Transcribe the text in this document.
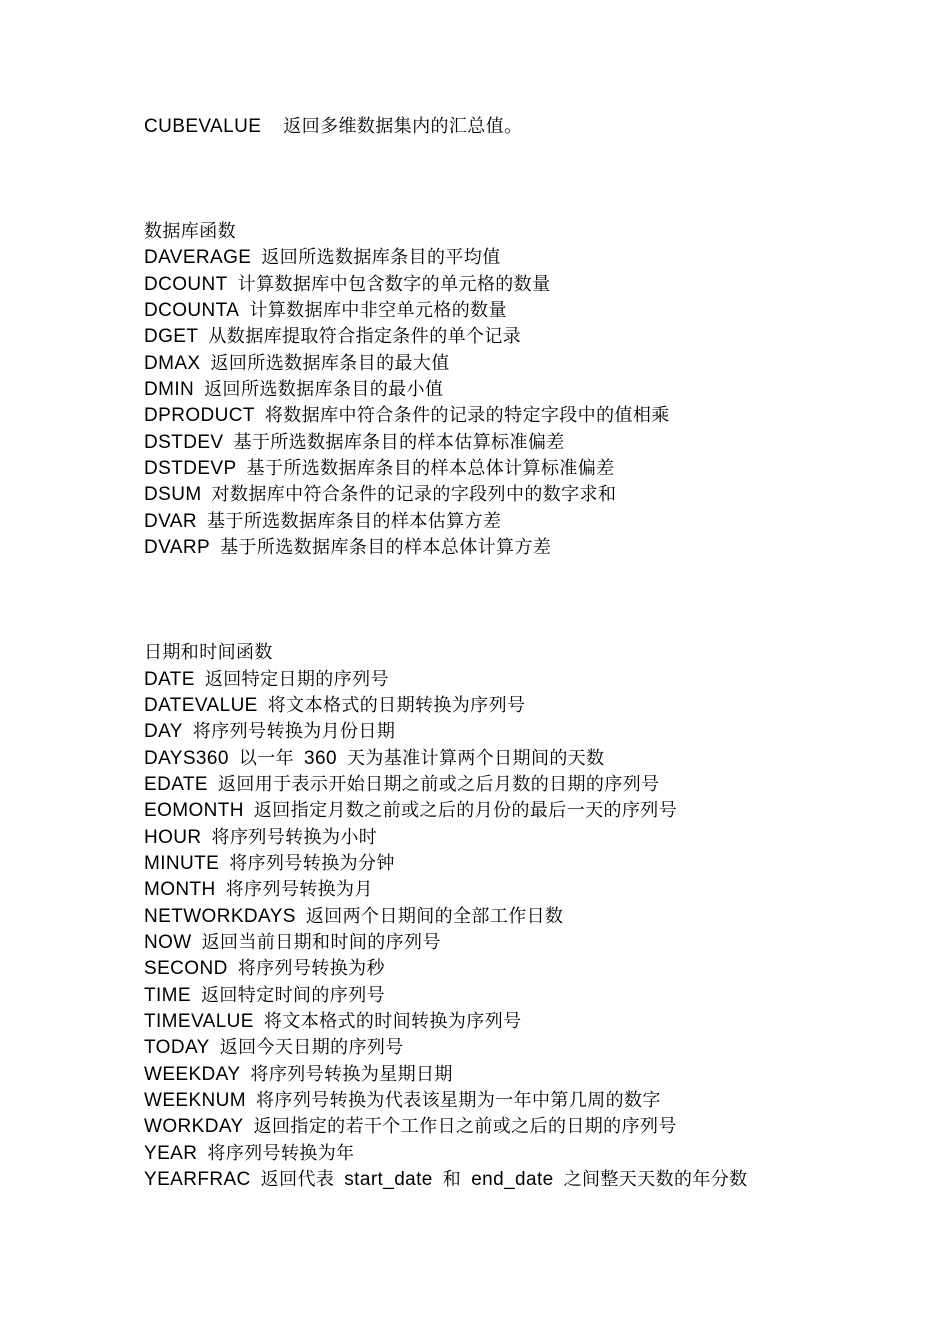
CUBEVALUE 返回多维数据集内的汇总值。
数据库函数
DAVERAGE 返回所选数据库条目的平均值
DCOUNT 计算数据库中包含数字的单元格的数量
DCOUNTA 计算数据库中非空单元格的数量
DGET 从数据库提取符合指定条件的单个记录
DMAX 返回所选数据库条目的最大值
DMIN 返回所选数据库条目的最小值
DPRODUCT 将数据库中符合条件的记录的特定字段中的值相乘
DSTDEV 基于所选数据库条目的样本估算标准偏差
DSTDEVP 基于所选数据库条目的样本总体计算标准偏差
DSUM 对数据库中符合条件的记录的字段列中的数字求和
DVAR 基于所选数据库条目的样本估算方差
DVARP 基于所选数据库条目的样本总体计算方差
日期和时间函数
DATE 返回特定日期的序列号
DATEVALUE 将文本格式的日期转换为序列号
DAY 将序列号转换为月份日期
DAYS360 以一年 360 天为基准计算两个日期间的天数
EDATE 返回用于表示开始日期之前或之后月数的日期的序列号
EOMONTH 返回指定月数之前或之后的月份的最后一天的序列号
HOUR 将序列号转换为小时
MINUTE 将序列号转换为分钟
MONTH 将序列号转换为月
NETWORKDAYS 返回两个日期间的全部工作日数
NOW 返回当前日期和时间的序列号
SECOND 将序列号转换为秒
TIME 返回特定时间的序列号
TIMEVALUE 将文本格式的时间转换为序列号
TODAY 返回今天日期的序列号
WEEKDAY 将序列号转换为星期日期
WEEKNUM 将序列号转换为代表该星期为一年中第几周的数字
WORKDAY 返回指定的若干个工作日之前或之后的日期的序列号
YEAR 将序列号转换为年
YEARFRAC 返回代表 start_date 和 end_date 之间整天天数的年分数
